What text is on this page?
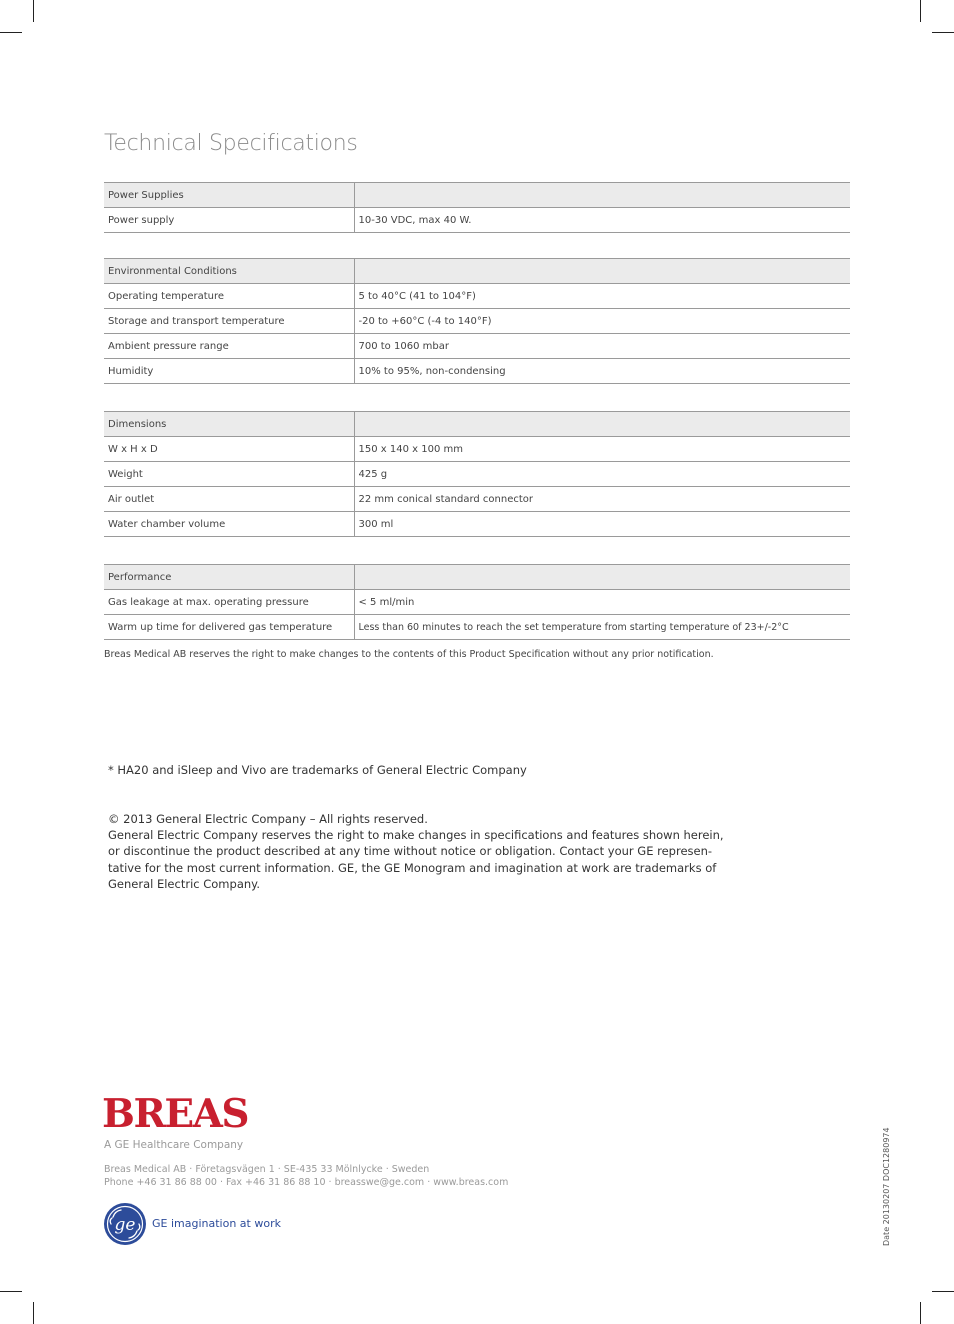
Technical Specifications
Power Supplies	
Power supply	10-30 VDC, max 40 W.
Environmental Conditions	
Operating temperature	5 to 40°C (41 to 104°F)
Storage and transport temperature	-20 to +60°C (-4 to 140°F)
Ambient pressure range	700 to 1060 mbar
Humidity	10% to 95%, non-condensing
Dimensions	
W x H x D	150 x 140 x 100 mm
Weight	425 g
Air outlet	22 mm conical standard connector
Water chamber volume	300 ml
Performance	
Gas leakage at max. operating pressure	< 5 ml/min
Warm up time for delivered gas temperature	Less than 60 minutes to reach the set temperature from starting temperature of 23+/-2°C

Breas Medical AB reserves the right to make changes to the contents of this Product Specification without any prior notification.

* HA20 and iSleep and Vivo are trademarks of General Electric Company

© 2013 General Electric Company – All rights reserved.
General Electric Company reserves the right to make changes in specifications and features shown herein,
or discontinue the product described at any time without notice or obligation. Contact your GE represen-
tative for the most current information. GE, the GE Monogram and imagination at work are trademarks of
General Electric Company.
BREAS
A GE Healthcare Company
Breas Medical AB · Företagsvägen 1 · SE-435 33 Mölnlycke · Sweden
Phone +46 31 86 88 00 · Fax +46 31 86 88 10 · breasswe@ge.com · www.breas.com
ge GE imagination at work	Date 20130207 DOC1280974
